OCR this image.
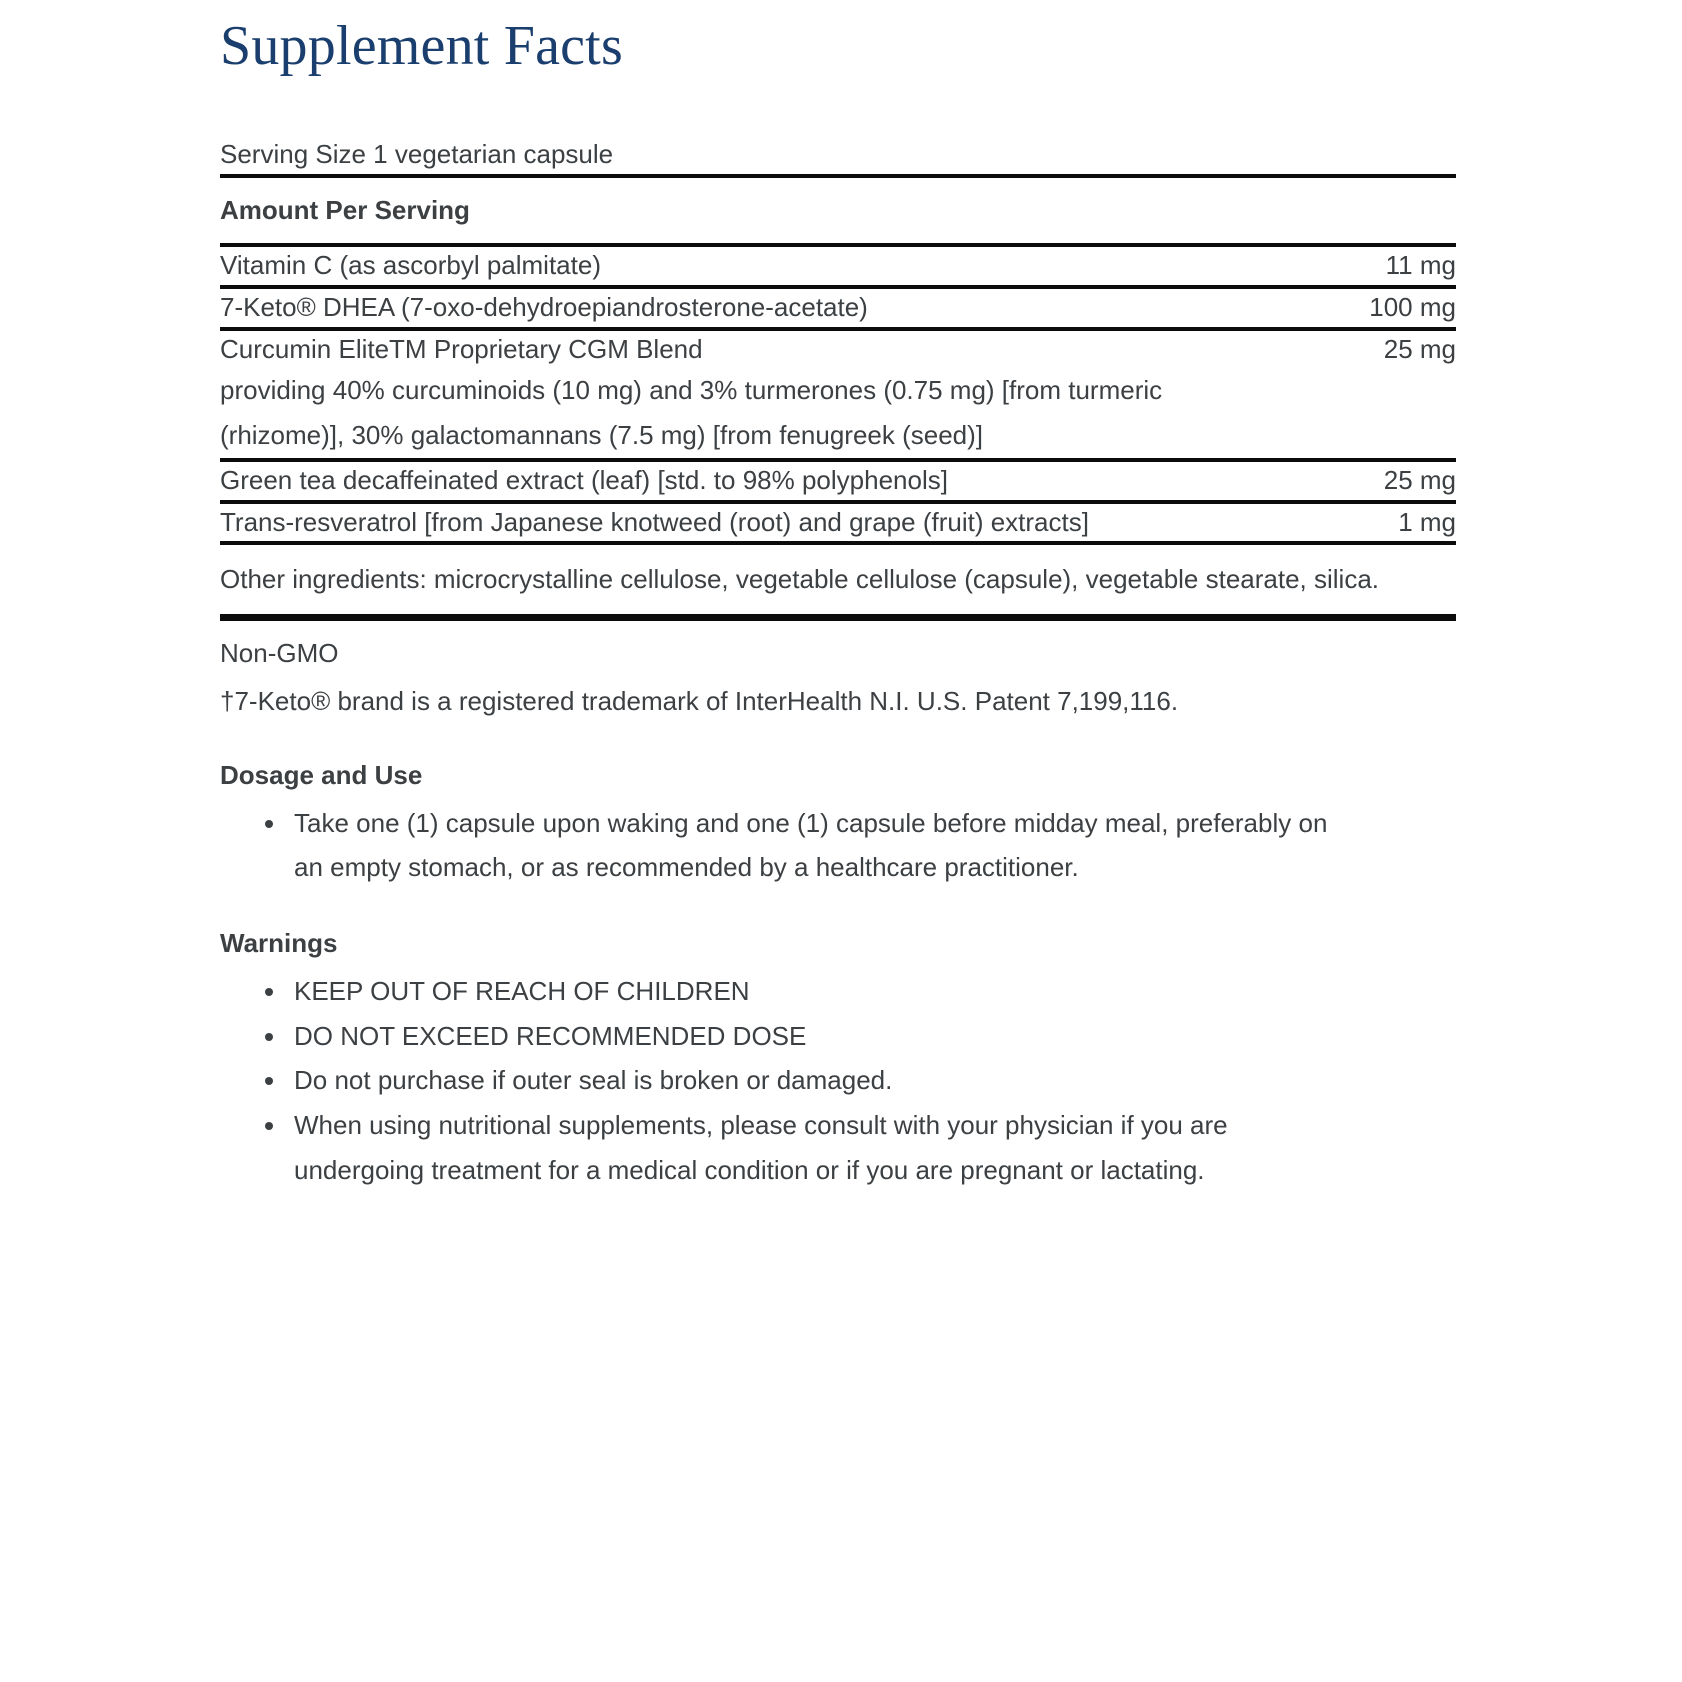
Supplement Facts
Serving Size 1 vegetarian capsule
Amount Per Serving
Vitamin C (as ascorbyl palmitate)	11 mg
7-Keto® DHEA (7-oxo-dehydroepiandrosterone-acetate)	100 mg
Curcumin EliteTM Proprietary CGM Blend	25 mg
providing 40% curcuminoids (10 mg) and 3% turmerones (0.75 mg) [from turmeric (rhizome)], 30% galactomannans (7.5 mg) [from fenugreek (seed)]	
Green tea decaffeinated extract (leaf) [std. to 98% polyphenols]	25 mg
Trans-resveratrol [from Japanese knotweed (root) and grape (fruit) extracts]	1 mg
Other ingredients: microcrystalline cellulose, vegetable cellulose (capsule), vegetable stearate, silica.
Non-GMO
†7-Keto® brand is a registered trademark of InterHealth N.I. U.S. Patent 7,199,116.
Dosage and Use
• Take one (1) capsule upon waking and one (1) capsule before midday meal, preferably on an empty stomach, or as recommended by a healthcare practitioner.
Warnings
• KEEP OUT OF REACH OF CHILDREN
• DO NOT EXCEED RECOMMENDED DOSE
• Do not purchase if outer seal is broken or damaged.
• When using nutritional supplements, please consult with your physician if you are undergoing treatment for a medical condition or if you are pregnant or lactating.
